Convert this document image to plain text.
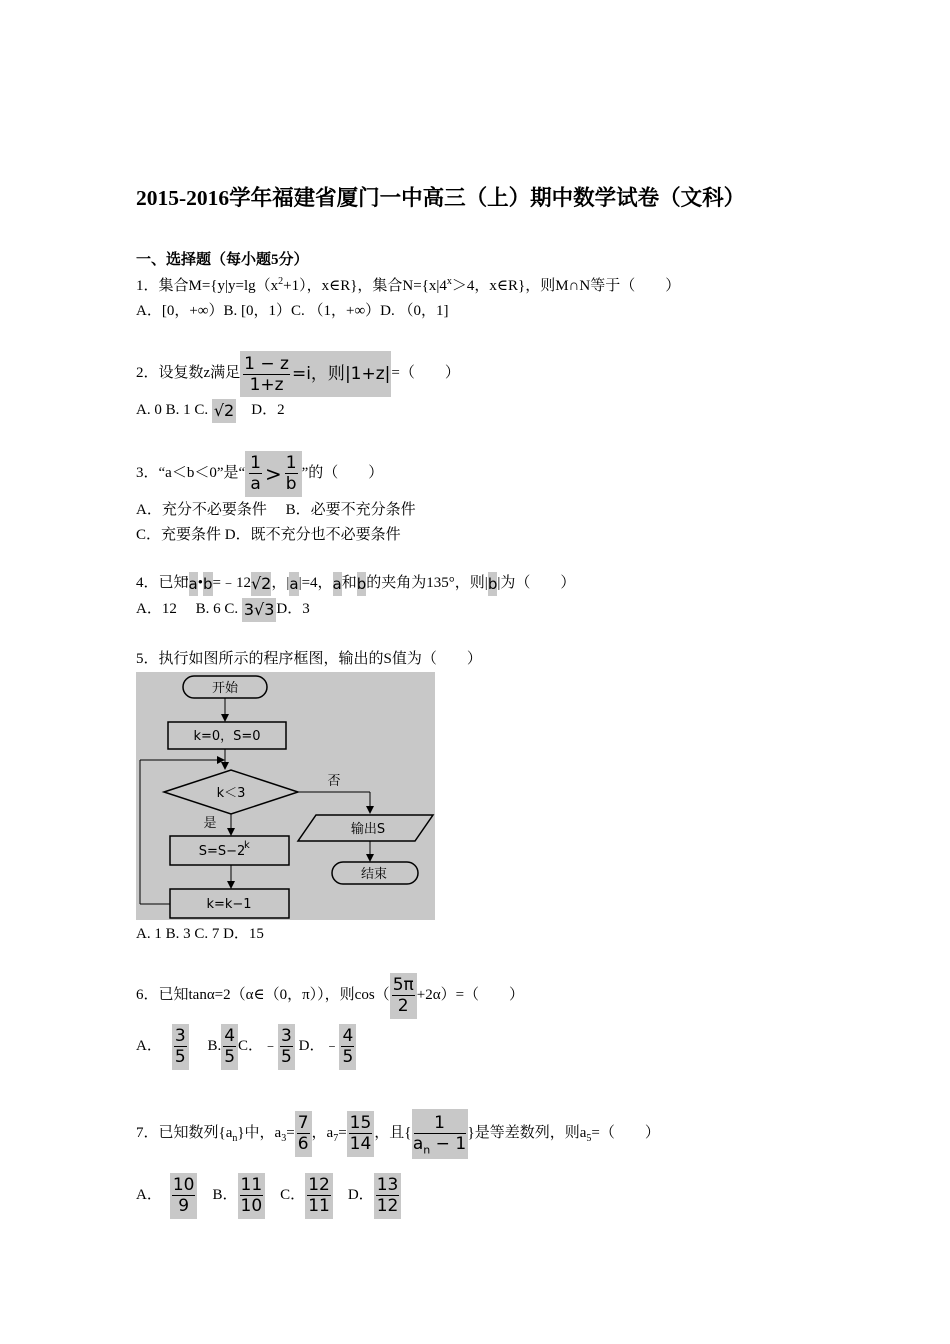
2015-2016学年福建省厦门一中高三（上）期中数学试卷（文科）
一、选择题（每小题5分）
1．集合$M=\{y|y=\lg(x^2+1)$，x∈R}，集合$N=\{x|4^x>4$，x∈R}，则M∩N等于（　　）
A．[0，+∞）B. [0，1）C. （1，+∞）D. （0，1]
2．设复数z满足 $\frac{1 - z}{1+z} =i$，则|1+z|=（　　）
A. 0 B. 1 C. √2　 D．2
3．“a＜b＜0”是“ $\frac{1}{a} > \frac{1}{b}$ ”的（　　）
A．充分不必要条件　 B．必要不充分条件
C．充要条件 D．既不充分也不必要条件
4．已知a•b=﹣12√2，|a|=4，a和b的夹角为135°，则|b|为（　　）
A．12　 B. 6 C. 3√3 D．3
5．执行如图所示的程序框图，输出的S值为（　　）
开始
k=0，S=0
k＜3
否
输出S
结束
是
S=S−2
k
k=k−1
A. 1 B. 3 C. 7 D．15
6．已知tanα=2（α∈（0，π）），则$\cos( \frac{5\pi}{2} +2\alpha)=$（　　）
A． $\frac{3}{5}$
　 B. $\frac{4}{5}$ C．﹣ $\frac{3}{5}$ D．﹣ $\frac{4}{5}$
7．已知数列$\{a_n\}$中，$a_3= \frac{7}{6}$ ，$a_7= \frac{15}{14}$ ，且{ $\frac{1}{a_n - 1}$ }是等差数列，则$a_5=$（　　）
A． $\frac{10}{9}$
　 B． $\frac{11}{10}$
　 C． $\frac{12}{11}$
　 D． $\frac{13}{12}$
